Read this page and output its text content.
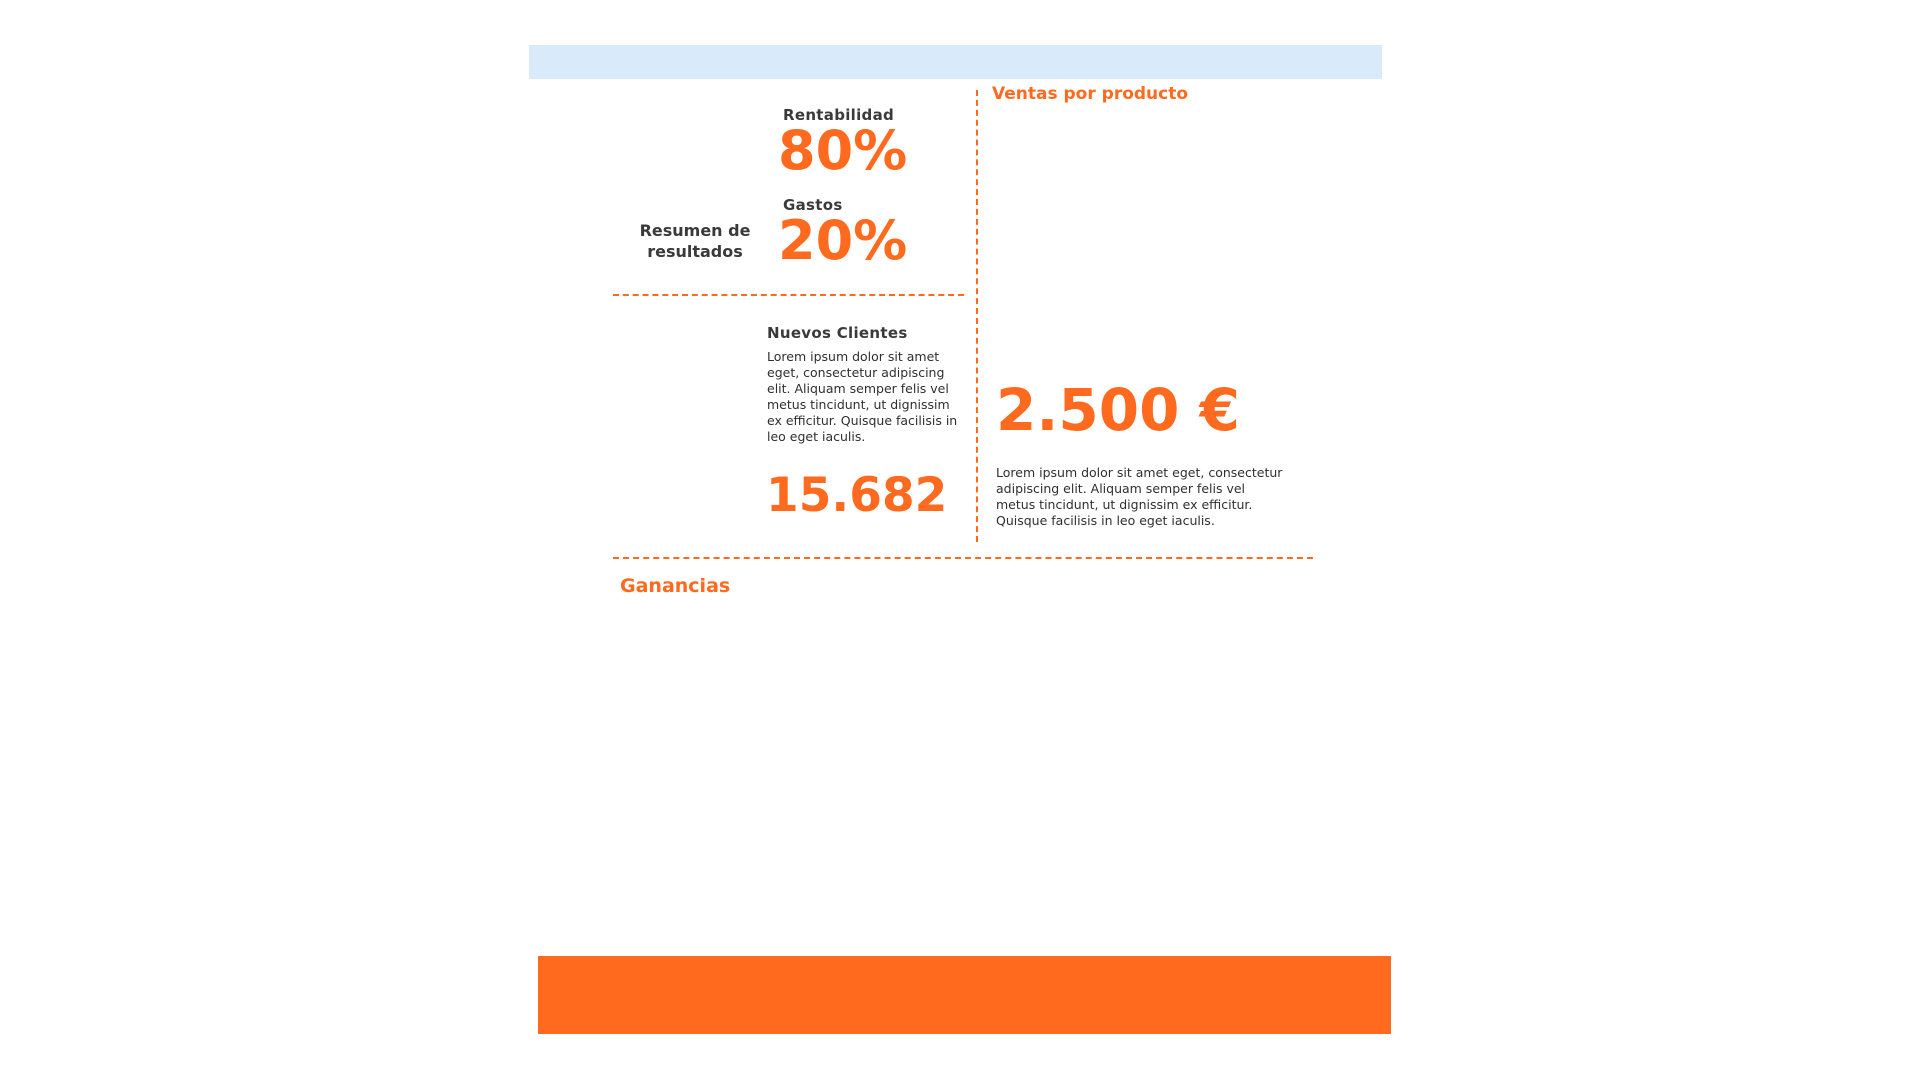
Resumen de resultados
Rentabilidad
80%
Gastos
20%
Nuevos Clientes
Lorem ipsum dolor sit amet eget, consectetur adipiscing elit. Aliquam semper felis vel metus tincidunt, ut dignissim ex efficitur. Quisque facilisis in leo eget iaculis.
15.682
Ventas por producto
2.500 €
Lorem ipsum dolor sit amet eget, consectetur adipiscing elit. Aliquam semper felis vel metus tincidunt, ut dignissim ex efficitur. Quisque facilisis in leo eget iaculis.
Ganancias
